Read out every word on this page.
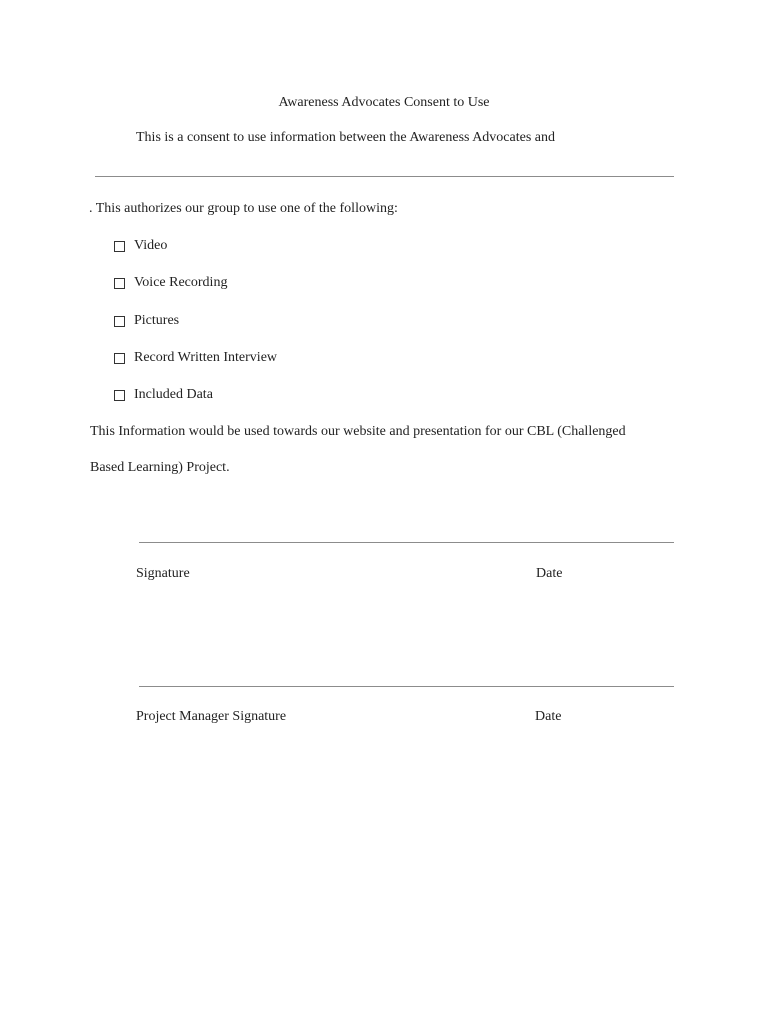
Awareness Advocates Consent to Use
This is a consent to use information between the Awareness Advocates and
. This authorizes our group to use one of the following:
Video
Voice Recording
Pictures
Record Written Interview
Included Data
This Information would be used towards our website and presentation for our CBL (Challenged
Based Learning) Project.
Signature	Date
Project Manager Signature	Date
